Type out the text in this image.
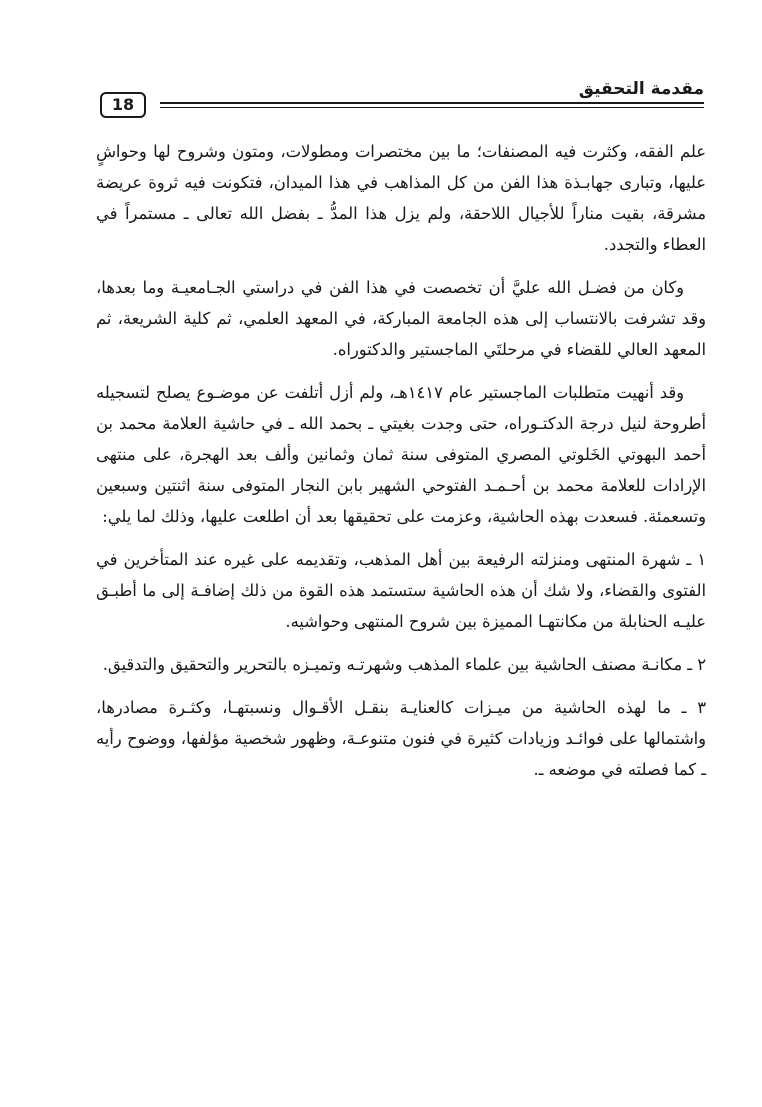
مقدمة التحقيق
18

علم الفقه، وكثرت فيه المصنفات؛ ما بين مختصرات ومطولات، ومتون وشروح لها وحواشٍ عليها، وتبارى جهابـذة هذا الفن من كل المذاهب في هذا الميدان، فتكونت فيه ثروة عريضة مشرقة، بقيت مناراً للأجيال اللاحقة، ولم يزل هذا المدُّ ـ بفضل الله تعالى ـ مستمراً في العطاء والتجدد.

وكان من فضـل الله عليَّ أن تخصصت في هذا الفن في دراستي الجـامعيـة وما بعدها، وقد تشرفت بالانتساب إلى هذه الجامعة المباركة، في المعهد العلمي، ثم كلية الشريعة، ثم المعهد العالي للقضاء في مرحلتَي الماجستير والدكتوراه.

وقد أنهيت متطلبات الماجستير عام ١٤١٧هـ، ولم أزل أتلفت عن موضـوع يصلح لتسجيله أطروحة لنيل درجة الدكتـوراه، حتى وجدت بغيتي ـ بحمد الله ـ في حاشية العلامة محمد بن أحمد البهوتي الخَلوتي المصري المتوفى سنة ثمان وثمانين وألف بعد الهجرة، على منتهى الإرادات للعلامة محمد بن أحـمـد الفتوحي الشهير بابن النجار المتوفى سنة اثنتين وسبعين وتسعمئة. فسعدت بهذه الحاشية، وعزمت على تحقيقها بعد أن اطلعت عليها، وذلك لما يلي:

١ ـ شهرة المنتهى ومنزلته الرفيعة بين أهل المذهب، وتقديمه على غيره عند المتأخرين في الفتوى والقضاء، ولا شك أن هذه الحاشية ستستمد هذه القوة من ذلك إضافـة إلى ما أطبـق عليـه الحنابلة من مكانتهـا المميزة بين شروح المنتهى وحواشيه.

٢ ـ مكانـة مصنف الحاشية بين علماء المذهب وشهرتـه وتميـزه بالتحرير والتحقيق والتدقيق.

٣ ـ ما لهذه الحاشية من ميـزات كالعنايـة بنقـل الأقـوال ونسبتهـا، وكثـرة مصادرها، واشتمالها على فوائـد وزيادات كثيرة في فنون متنوعـة، وظهور شخصية مؤلفها، ووضوح رأيه ـ كما فصلته في موضعه ـ.
